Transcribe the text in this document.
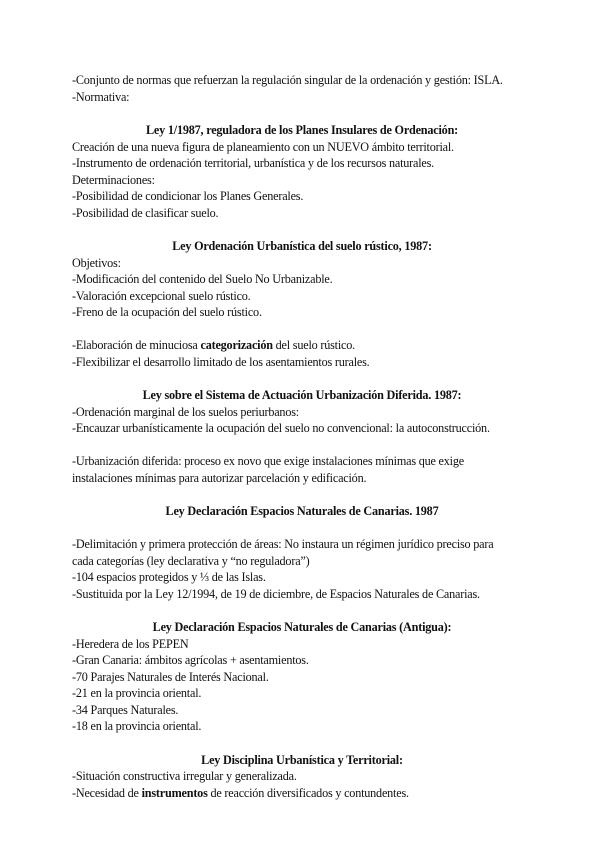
-Conjunto de normas que refuerzan la regulación singular de la ordenación y gestión: ISLA.
-Normativa:
Ley 1/1987, reguladora de los Planes Insulares de Ordenación:
Creación de una nueva figura de planeamiento con un NUEVO ámbito territorial.
-Instrumento de ordenación territorial, urbanística y de los recursos naturales.
Determinaciones:
-Posibilidad de condicionar los Planes Generales.
-Posibilidad de clasificar suelo.
Ley Ordenación Urbanística del suelo rústico, 1987:
Objetivos:
-Modificación del contenido del Suelo No Urbanizable.
-Valoración excepcional suelo rústico.
-Freno de la ocupación del suelo rústico.
-Elaboración de minuciosa categorización del suelo rústico.
-Flexibilizar el desarrollo limitado de los asentamientos rurales.
Ley sobre el Sistema de Actuación Urbanización Diferida. 1987:
-Ordenación marginal de los suelos periurbanos:
-Encauzar urbanísticamente la ocupación del suelo no convencional: la autoconstrucción.
-Urbanización diferida: proceso ex novo que exige instalaciones mínimas que exige
instalaciones mínimas para autorizar parcelación y edificación.
Ley Declaración Espacios Naturales de Canarias. 1987
-Delimitación y primera protección de áreas: No instaura un régimen jurídico preciso para
cada categorías (ley declarativa y “no reguladora”)
-104 espacios protegidos y ⅓ de las Islas.
-Sustituida por la Ley 12/1994, de 19 de diciembre, de Espacios Naturales de Canarias.
Ley Declaración Espacios Naturales de Canarias (Antigua):
-Heredera de los PEPEN
-Gran Canaria: ámbitos agrícolas + asentamientos.
-70 Parajes Naturales de Interés Nacional.
-21 en la provincia oriental.
-34 Parques Naturales.
-18 en la provincia oriental.
Ley Disciplina Urbanística y Territorial:
-Situación constructiva irregular y generalizada.
-Necesidad de instrumentos de reacción diversificados y contundentes.
